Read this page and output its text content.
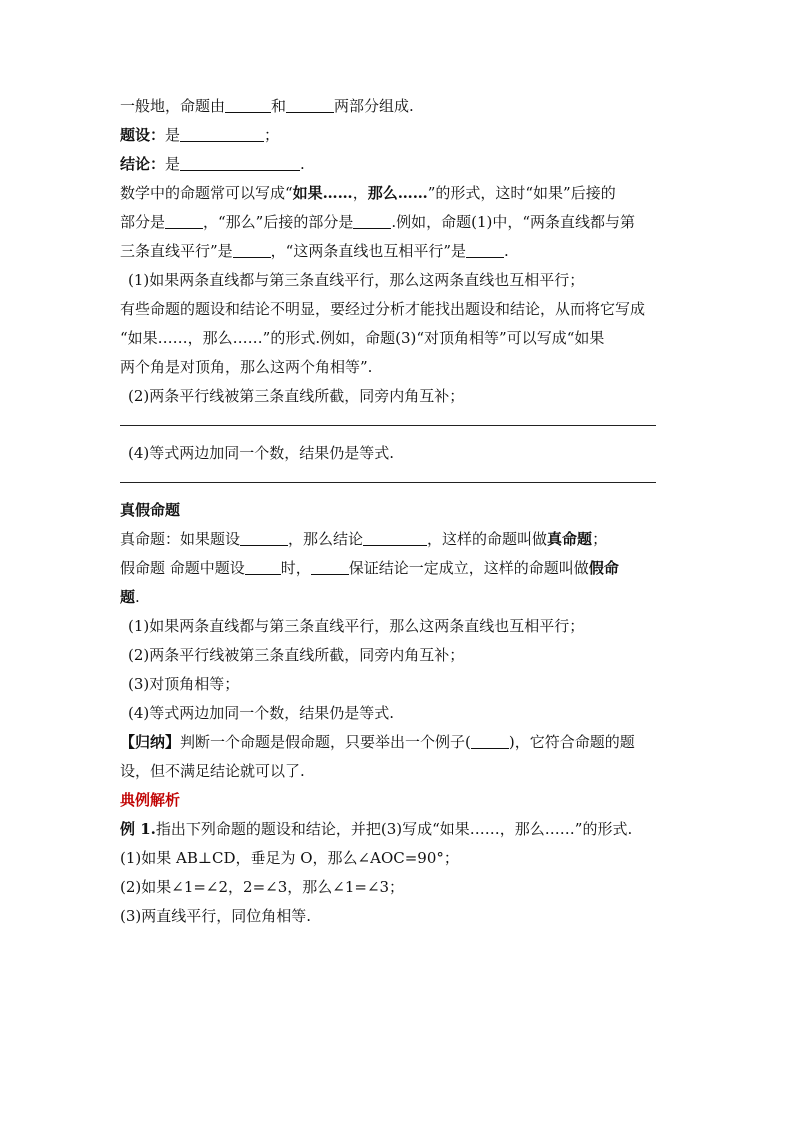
一般地，命题由	和	两部分组成.
题设：是	；
结论：是	.
数学中的命题常可以写成“如果……，那么……”的形式，这时“如果”后接的
部分是	，“那么”后接的部分是	.例如，命题(1)中，“两条直线都与第
三条直线平行”是	，“这两条直线也互相平行”是	.
(1)如果两条直线都与第三条直线平行，那么这两条直线也互相平行；
有些命题的题设和结论不明显，要经过分析才能找出题设和结论，从而将它写成
“如果……，那么……”的形式.例如，命题(3)“对顶角相等”可以写成“如果
两个角是对顶角，那么这两个角相等”.
(2)两条平行线被第三条直线所截，同旁内角互补；
(4)等式两边加同一个数，结果仍是等式.
真假命题
真命题：如果题设	，那么结论	，这样的命题叫做真命题；
假命题 命题中题设 时，	保证结论一定成立，这样的命题叫做假命
题.
(1)如果两条直线都与第三条直线平行，那么这两条直线也互相平行；
(2)两条平行线被第三条直线所截，同旁内角互补；
(3)对顶角相等；
(4)等式两边加同一个数，结果仍是等式.
【归纳】判断一个命题是假命题，只要举出一个例子(	)，它符合命题的题
设，但不满足结论就可以了.
典例解析
例 1.指出下列命题的题设和结论，并把(3)写成“如果……，那么……”的形式.
(1)如果 AB⊥CD，垂足为 O，那么∠AOC=90°；
(2)如果∠1=∠2，2=∠3，那么∠1=∠3；
(3)两直线平行，同位角相等.
